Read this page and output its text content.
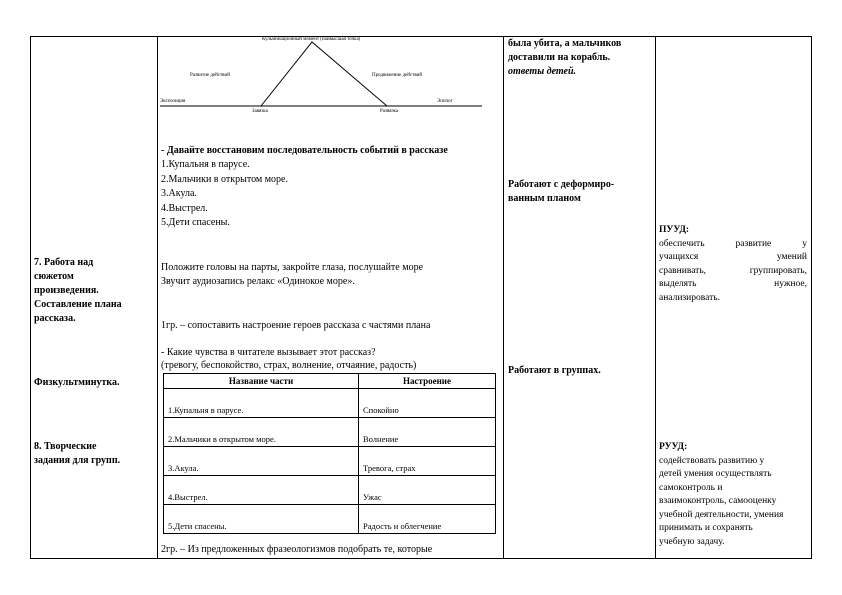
7. Работа над
сюжетом
произведения.
Составление плана
рассказа.
Физкультминутка.
8. Творческие
задания для групп.
Кульминационный момент (наивысшая точка)
Развитие действий	Продвижение действий
Экспозиция
Завязка	Развязка
Эпилог
- Давайте восстановим последовательность событий в рассказе
1.Купальня в парусе.
2.Мальчики в открытом море.
3.Акула.
4.Выстрел.
5.Дети спасены.
Положите головы на парты, закройте глаза, послушайте море
Звучит аудиозапись релакс «Одинокое море».
1гр. – сопоставить настроение героев рассказа с частями плана
- Какие чувства в читателе вызывает этот рассказ?
(тревогу, беспокойство, страх, волнение, отчаяние, радость)
Название части	Настроение
1.Купальня в парусе.	Спокойно
2.Мальчики в открытом море.	Волнение
3.Акула.	Тревога, страх
4.Выстрел.	Ужас
5.Дети спасены.	Радость и облегчение
2гр. – Из предложенных фразеологизмов подобрать те, которые
была убита, а мальчиков
доставили на корабль.
ответы детей.
Работают с деформиро-
ванным планом
Работают в группах.
ПУУД:
обеспечить развитие у
учащихся умений
сравнивать, группировать,
выделять нужное,
анализировать.
РУУД:
содействовать развитию у
детей умения осуществлять
самоконтроль и
взаимоконтроль, самооценку
учебной деятельности, умения
принимать и сохранять
учебную задачу.
